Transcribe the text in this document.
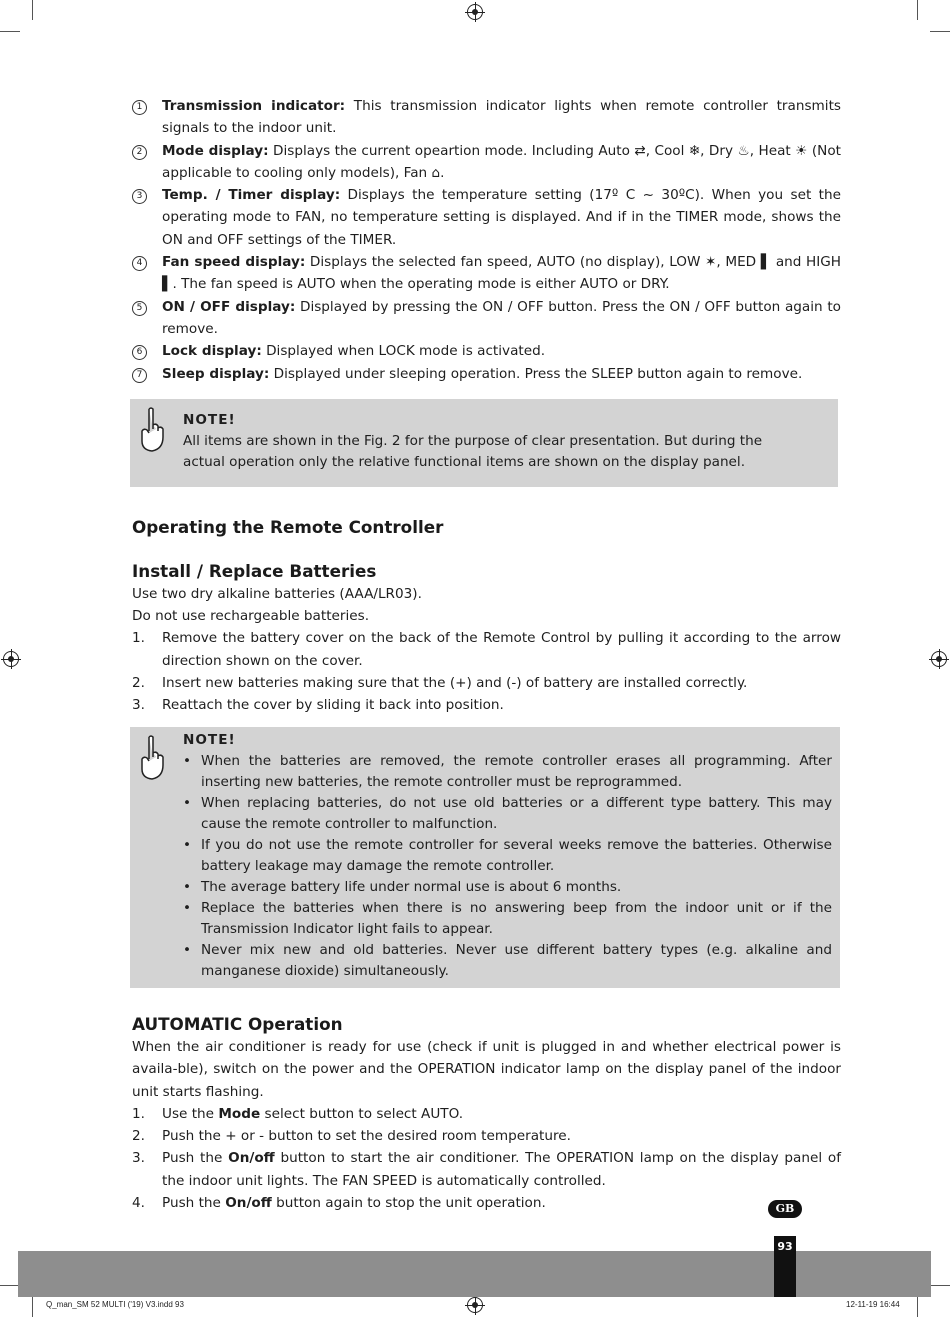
1	Transmission indicator: This transmission indicator lights when remote controller transmits signals to the indoor unit.
2	Mode display: Displays the current opeartion mode. Including Auto ⇄, Cool ❄, Dry ♨, Heat ☀ (Not applicable to cooling only models), Fan ⌂.
3	Temp. / Timer display: Displays the temperature setting (17º C ~ 30ºC). When you set the operating mode to FAN, no temperature setting is displayed. And if in the TIMER mode, shows the ON and OFF settings of the TIMER.
4	Fan speed display: Displays the selected fan speed, AUTO (no display), LOW ✶, MED ▌ and HIGH ▌. The fan speed is AUTO when the operating mode is either AUTO or DRY.
5	ON / OFF display: Displayed by pressing the ON / OFF button. Press the ON / OFF button again to remove.
6	Lock display: Displayed when LOCK mode is activated.
7	Sleep display: Displayed under sleeping operation. Press the SLEEP button again to remove.
NOTE!
All items are shown in the Fig. 2 for the purpose of clear presentation. But during the actual operation only the relative functional items are shown on the display panel.
Operating the Remote Controller
Install / Replace Batteries
Use two dry alkaline batteries (AAA/LR03).
Do not use rechargeable batteries.
1.	Remove the battery cover on the back of the Remote Control by pulling it according to the arrow direction shown on the cover.
2.	Insert new batteries making sure that the (+) and (-) of battery are installed correctly.
3.	Reattach the cover by sliding it back into position.
NOTE!
• When the batteries are removed, the remote controller erases all programming. After inserting new batteries, the remote controller must be reprogrammed.
• When replacing batteries, do not use old batteries or a different type battery. This may cause the remote controller to malfunction.
• If you do not use the remote controller for several weeks remove the batteries. Otherwise battery leakage may damage the remote controller.
• The average battery life under normal use is about 6 months.
• Replace the batteries when there is no answering beep from the indoor unit or if the Transmission Indicator light fails to appear.
• Never mix new and old batteries. Never use different battery types (e.g. alkaline and manganese dioxide) simultaneously.
AUTOMATIC Operation
When the air conditioner is ready for use (check if unit is plugged in and whether electrical power is availa-ble), switch on the power and the OPERATION indicator lamp on the display panel of the indoor unit starts flashing.
1.	Use the Mode select button to select AUTO.
2.	Push the + or - button to set the desired room temperature.
3.	Push the On/off button to start the air conditioner. The OPERATION lamp on the display panel of the indoor unit lights. The FAN SPEED is automatically controlled.
4.	Push the On/off button again to stop the unit operation.	GB
93
Q_man_SM 52 MULTI ('19) V3.indd 93	12-11-19 16:44
